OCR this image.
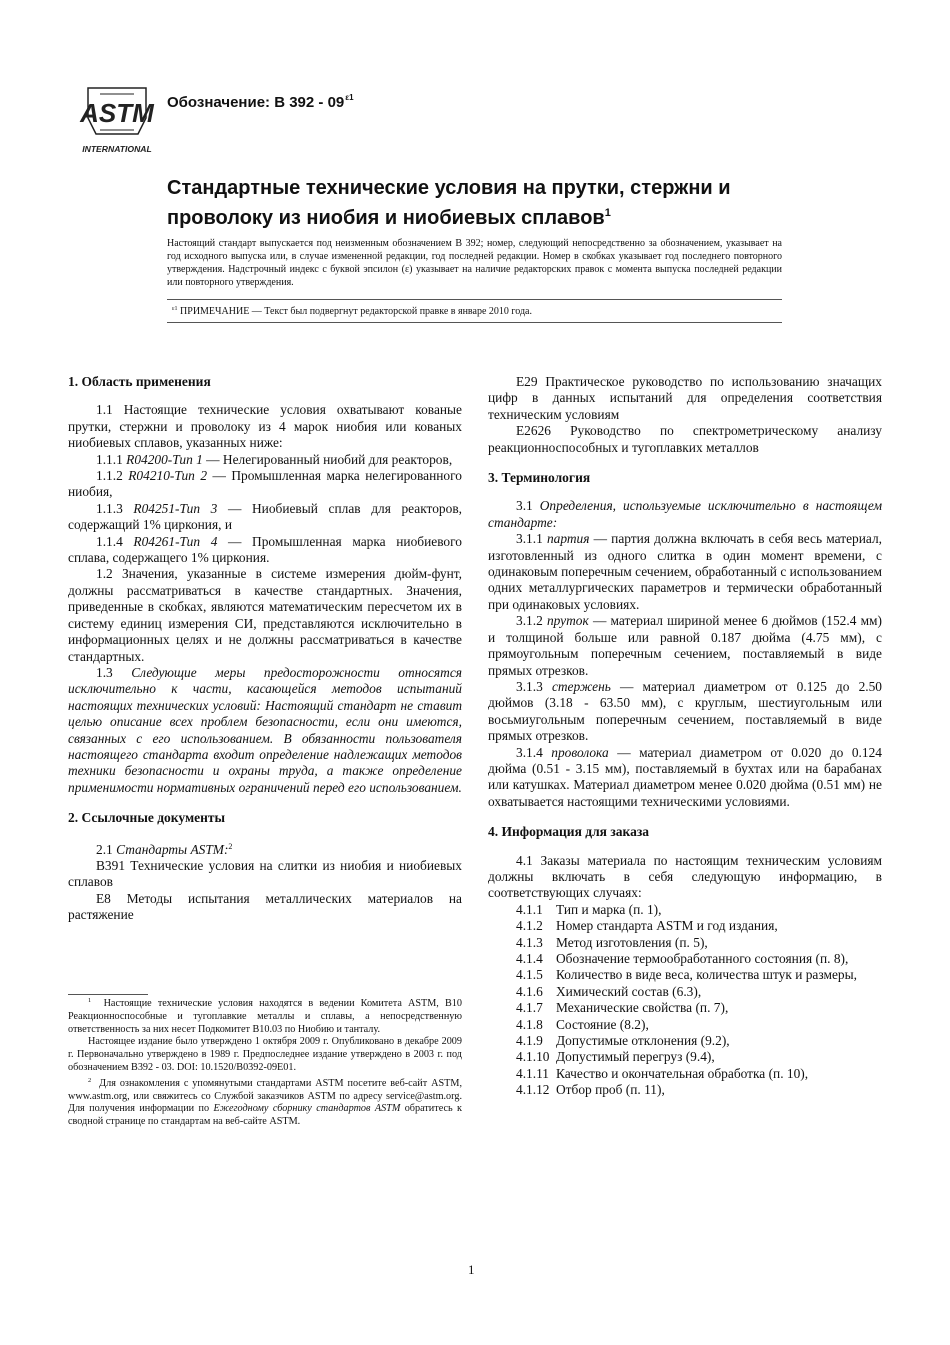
ASTM
INTERNATIONAL
Обозначение: B $392 - 09^{\varepsilon 1}$
Стандартные технические условия на прутки, стержни и проволоку из ниобия и ниобиевых сплавов$^1$

Настоящий стандарт выпускается под неизменным обозначением B 392; номер, следующий непосредственно за обозначением, указывает на год исходного выпуска или, в случае измененной редакции, год последней редакции. Номер в скобках указывает год последнего повторного утверждения. Надстрочный индекс с буквой эпсилон (ε) указывает на наличие редакторских правок с момента выпуска последней редакции или повторного утверждения.

$^{\varepsilon 1}$ ПРИМЕЧАНИЕ — Текст был подвергнут редакторской правке в январе 2010 года.
1. Область применения

1.1 Настоящие технические условия охватывают кованые прутки, стержни и проволоку из 4 марок ниобия или кованых ниобиевых сплавов, указанных ниже:

1.1.1 R04200-Тип 1 — Нелегированный ниобий для реакторов,

1.1.2 R04210-Тип 2 — Промышленная марка нелегированного ниобия,

1.1.3 R04251-Тип 3 — Ниобиевый сплав для реакторов, содержащий 1% циркония, и

1.1.4 R04261-Тип 4 — Промышленная марка ниобиевого сплава, содержащего 1% циркония.

1.2 Значения, указанные в системе измерения дюйм-фунт, должны рассматриваться в качестве стандартных. Значения, приведенные в скобках, являются математическим пересчетом их в систему единиц измерения СИ, представляются исключительно в информационных целях и не должны рассматриваться в качестве стандартных.

1.3 Следующие меры предосторожности относятся исключительно к части, касающейся методов испытаний настоящих технических условий: Настоящий стандарт не ставит целью описание всех проблем безопасности, если они имеются, связанных с его использованием. В обязанности пользователя настоящего стандарта входит определение надлежащих методов техники безопасности и охраны труда, а также определение применимости нормативных ограничений перед его использованием.

2. Ссылочные документы

2.1 Стандарты ASTM:$^2$

B391 Технические условия на слитки из ниобия и ниобиевых сплавов

E8 Методы испытания металлических материалов на растяжение

$^1$ Настоящие технические условия находятся в ведении Комитета ASTM, B10 Реакционноспособные и тугоплавкие металлы и сплавы, а непосредственную ответственность за них несет Подкомитет B10.03 по Ниобию и танталу.

Настоящее издание было утверждено 1 октября 2009 г. Опубликовано в декабре 2009 г. Первоначально утверждено в 1989 г. Предпоследнее издание утверждено в 2003 г. под обозначением B392 - 03. DOI: 10.1520/B0392-09E01.

$^2$ Для ознакомления с упомянутыми стандартами ASTM посетите веб-сайт ASTM, www.astm.org, или свяжитесь со Службой заказчиков ASTM по адресу service@astm.org. Для получения информации по Ежегодному сборнику стандартов ASTM обратитесь к сводной странице по стандартам на веб-сайте ASTM.

E29 Практическое руководство по использованию значащих цифр в данных испытаний для определения соответствия техническим условиям

E2626 Руководство по спектрометрическому анализу реакционноспособных и тугоплавких металлов

3. Терминология

3.1 Определения, используемые исключительно в настоящем стандарте:

3.1.1 партия — партия должна включать в себя весь материал, изготовленный из одного слитка в один момент времени, с одинаковым поперечным сечением, обработанный с использованием одних металлургических параметров и термически обработанный при одинаковых условиях.

3.1.2 пруток — материал шириной менее 6 дюймов (152.4 мм) и толщиной больше или равной 0.187 дюйма (4.75 мм), с прямоугольным поперечным сечением, поставляемый в виде прямых отрезков.

3.1.3 стержень — материал диаметром от 0.125 до 2.50 дюймов (3.18 - 63.50 мм), с круглым, шестиугольным или восьмиугольным поперечным сечением, поставляемый в виде прямых отрезков.

3.1.4 проволока — материал диаметром от 0.020 до 0.124 дюйма (0.51 - 3.15 мм), поставляемый в бухтах или на барабанах или катушках. Материал диаметром менее 0.020 дюйма (0.51 мм) не охватывается настоящими техническими условиями.

4. Информация для заказа

4.1 Заказы материала по настоящим техническим условиям должны включать в себя следующую информацию, в соответствующих случаях:

4.1.1 Тип и марка (п. 1),
4.1.2 Номер стандарта ASTM и год издания,
4.1.3 Метод изготовления (п. 5),
4.1.4 Обозначение термообработанного состояния (п. 8),
4.1.5 Количество в виде веса, количества штук и размеры,
4.1.6 Химический состав (6.3),
4.1.7 Механические свойства (п. 7),
4.1.8 Состояние (8.2),
4.1.9 Допустимые отклонения (9.2),
4.1.10 Допустимый перегруз (9.4),
4.1.11 Качество и окончательная обработка (п. 10),
4.1.12 Отбор проб (п. 11),
1
